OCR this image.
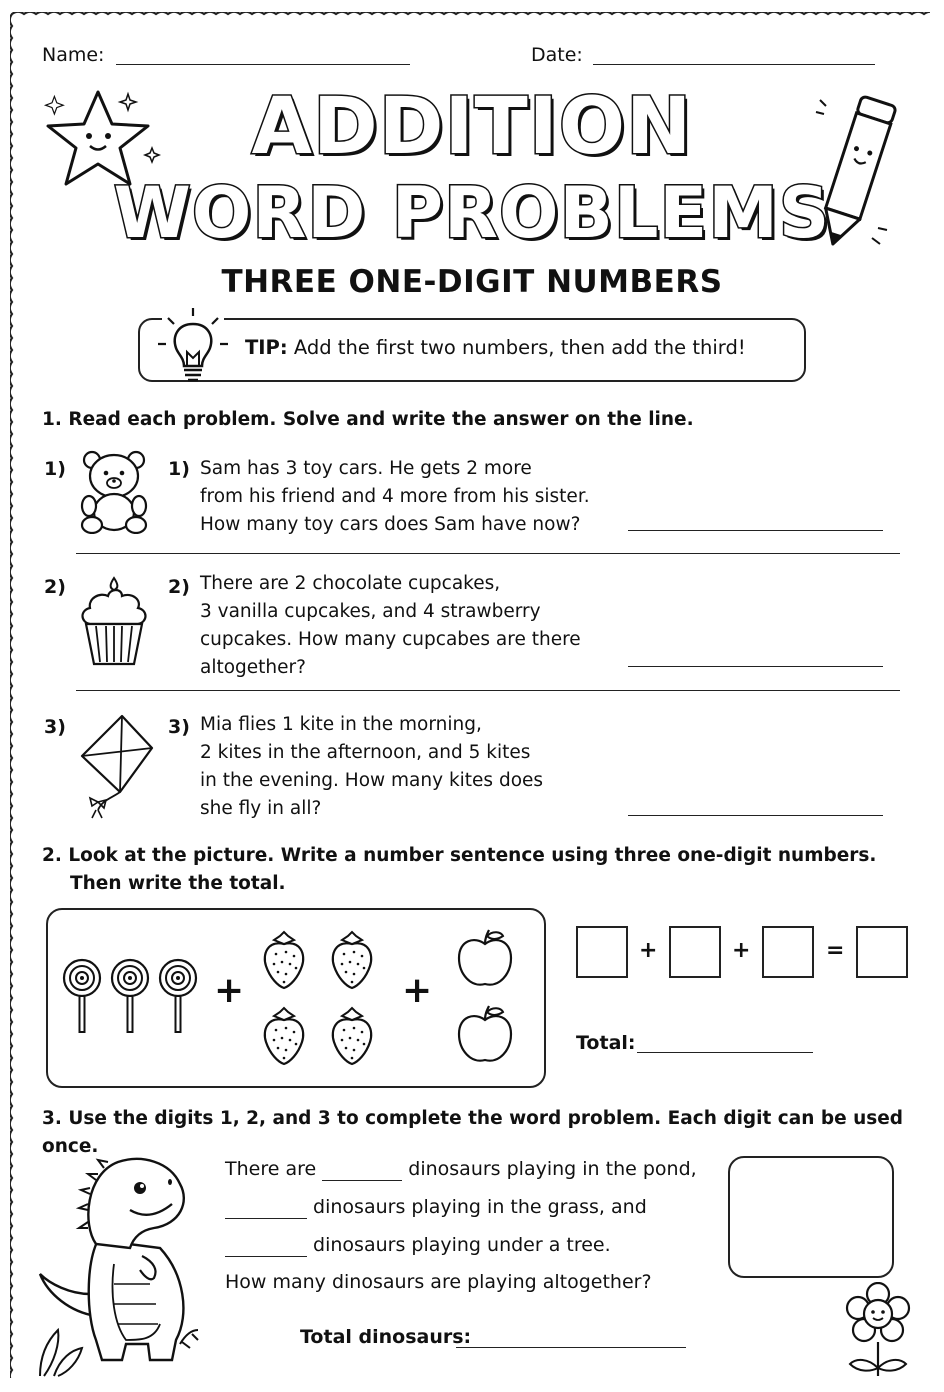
Name:	Date:
ADDITION
WORD PROBLEMS
THREE ONE-DIGIT NUMBERS
TIP: Add the first two numbers, then add the third!
1. Read each problem. Solve and write the answer on the line.
1)	1) Sam has 3 toy cars. He gets 2 more
from his friend and 4 more from his sister.
How many toy cars does Sam have now?
2)	2) There are 2 chocolate cupcakes,
3 vanilla cupcakes, and 4 strawberry
cupcakes. How many cupcabes are there
altogether?
3)	3) Mia flies 1 kite in the morning,
2 kites in the afternoon, and 5 kites
in the evening. How many kites does
she fly in all?
2. Look at the picture. Write a number sentence using three one-digit numbers.
Then write the total.
+	+
+	+	=
Total:
3. Use the digits 1, 2, and 3 to complete the word problem. Each digit can be used once.
There are	dinosaurs playing in the pond,
dinosaurs playing in the grass, and
dinosaurs playing under a tree.
How many dinosaurs are playing altogether?
Total dinosaurs:
